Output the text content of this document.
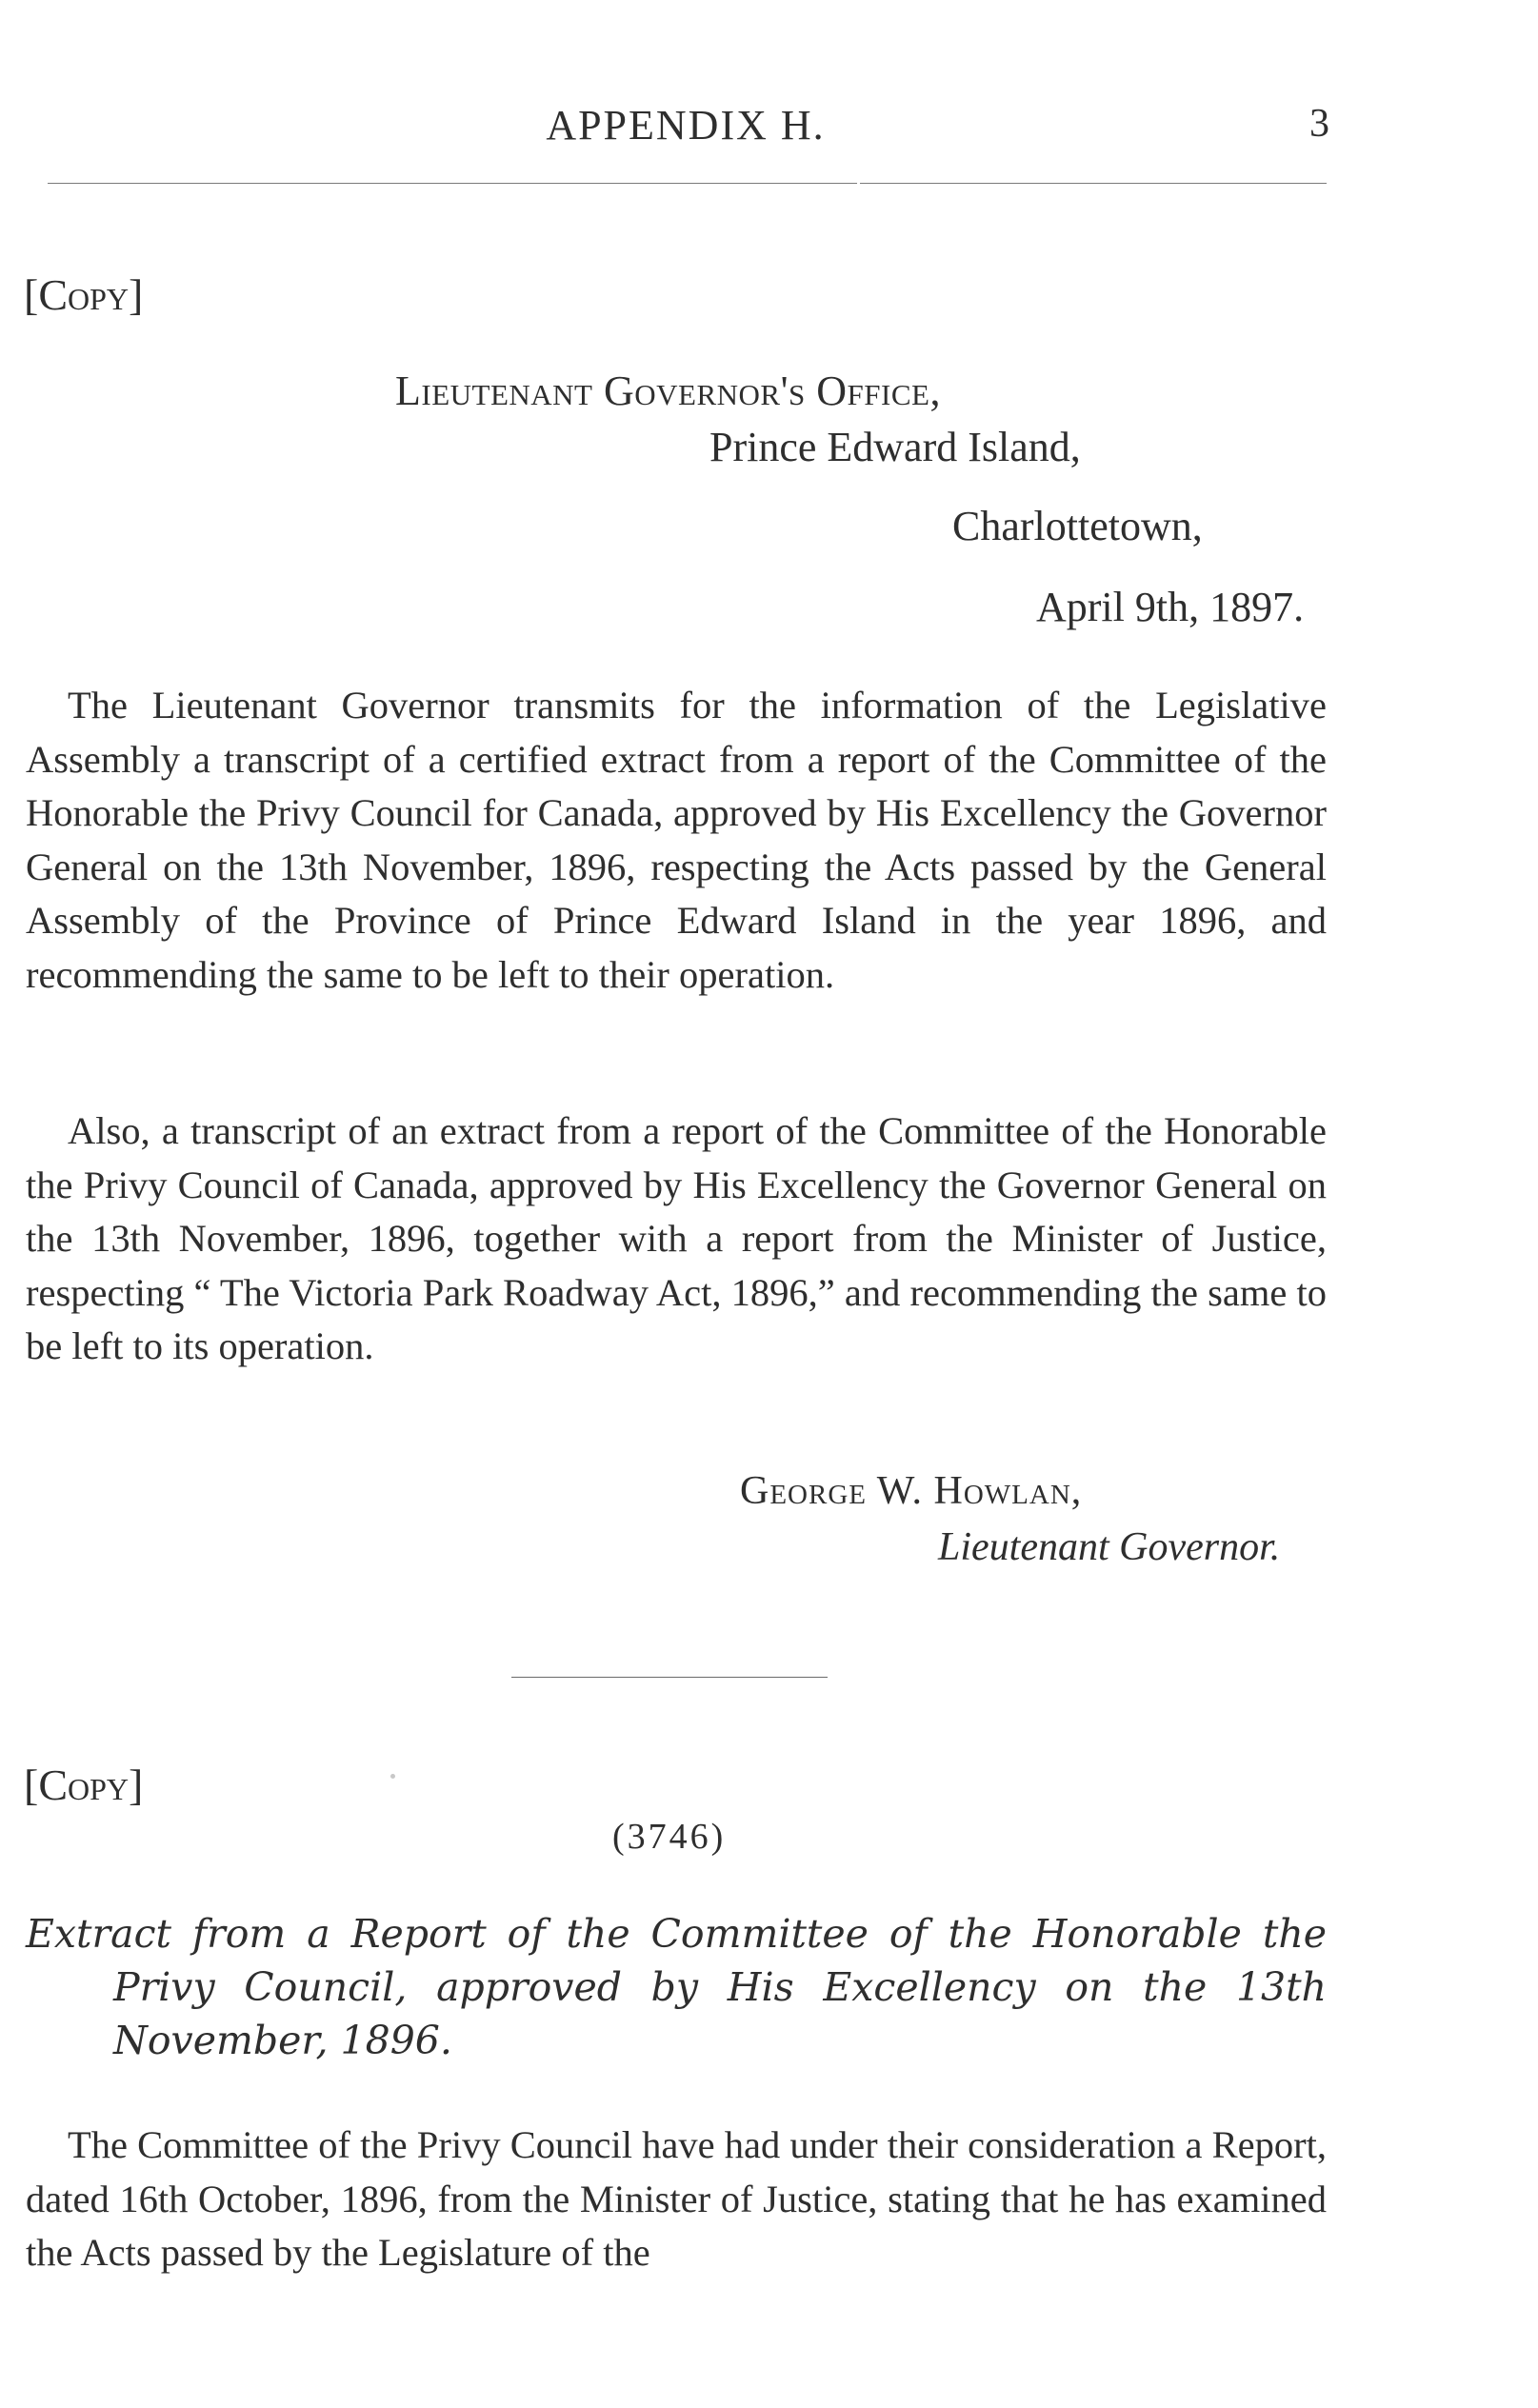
APPENDIX H.	3
[Copy]
Lieutenant Governor's Office,
Prince Edward Island,
Charlottetown,
April 9th, 1897.

The Lieutenant Governor transmits for the information of the Legislative Assembly a transcript of a certified extract from a report of the Committee of the Honorable the Privy Council for Canada, approved by His Excellency the Governor General on the 13th November, 1896, respecting the Acts passed by the General Assembly of the Province of Prince Edward Island in the year 1896, and recommending the same to be left to their operation.

Also, a transcript of an extract from a report of the Committee of the Honorable the Privy Council of Canada, approved by His Excellency the Governor General on the 13th November, 1896, together with a report from the Minister of Justice, respecting “ The Victoria Park Roadway Act, 1896,” and recommending the same to be left to its operation.

George W. Howlan,
Lieutenant Governor.
[Copy]
(3746)

Extract from a Report of the Committee of the Honorable the Privy Council, approved by His Excellency on the 13th November, 1896.

The Committee of the Privy Council have had under their consideration a Report, dated 16th October, 1896, from the Minister of Justice, stating that he has examined the Acts passed by the Legislature of the
